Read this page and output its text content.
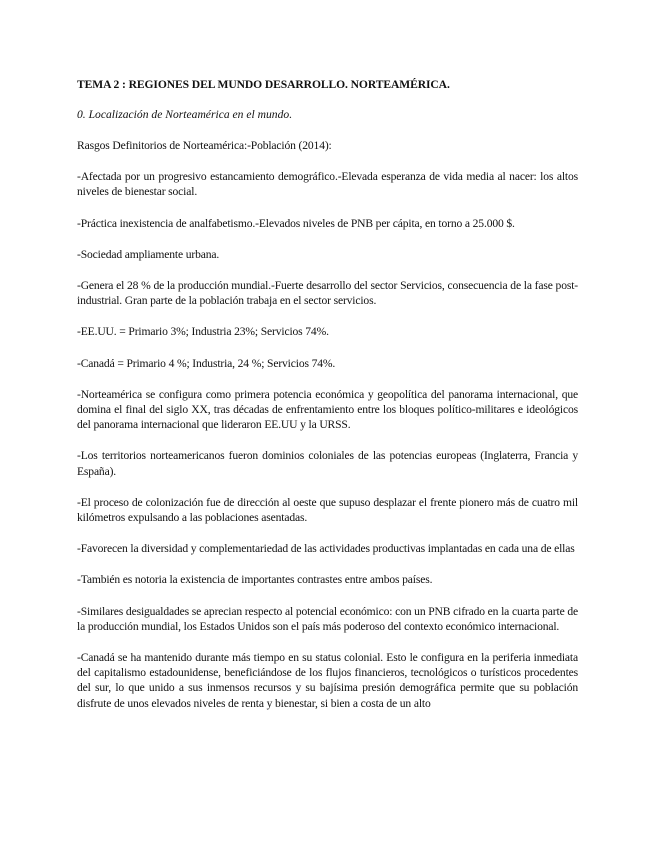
TEMA 2 : REGIONES DEL MUNDO DESARROLLO. NORTEAMÉRICA.

0. Localización de Norteamérica en el mundo.

Rasgos Definitorios de Norteamérica:-Población (2014):

-Afectada por un progresivo estancamiento demográfico.-Elevada esperanza de vida media al nacer: los altos niveles de bienestar social.

-Práctica inexistencia de analfabetismo.-Elevados niveles de PNB per cápita, en torno a 25.000 $.

-Sociedad ampliamente urbana.

-Genera el 28 % de la producción mundial.-Fuerte desarrollo del sector Servicios, consecuencia de la fase post-industrial. Gran parte de la población trabaja en el sector servicios.

-EE.UU. = Primario 3%; Industria 23%; Servicios 74%.

-Canadá = Primario 4 %; Industria, 24 %; Servicios 74%.

-Norteamérica se configura como primera potencia económica y geopolítica del panorama internacional, que domina el final del siglo XX, tras décadas de enfrentamiento entre los bloques político-militares e ideológicos del panorama internacional que lideraron EE.UU y la URSS.

-Los territorios norteamericanos fueron dominios coloniales de las potencias europeas (Inglaterra, Francia y España).

-El proceso de colonización fue de dirección al oeste que supuso desplazar el frente pionero más de cuatro mil kilómetros expulsando a las poblaciones asentadas.

-Favorecen la diversidad y complementariedad de las actividades productivas implantadas en cada una de ellas

-También es notoria la existencia de importantes contrastes entre ambos países.

-Similares desigualdades se aprecian respecto al potencial económico: con un PNB cifrado en la cuarta parte de la producción mundial, los Estados Unidos son el país más poderoso del contexto económico internacional.

-Canadá se ha mantenido durante más tiempo en su status colonial. Esto le configura en la periferia inmediata del capitalismo estadounidense, beneficiándose de los flujos financieros, tecnológicos o turísticos procedentes del sur, lo que unido a sus inmensos recursos y su bajísima presión demográfica permite que su población disfrute de unos elevados niveles de renta y bienestar, si bien a costa de un alto
